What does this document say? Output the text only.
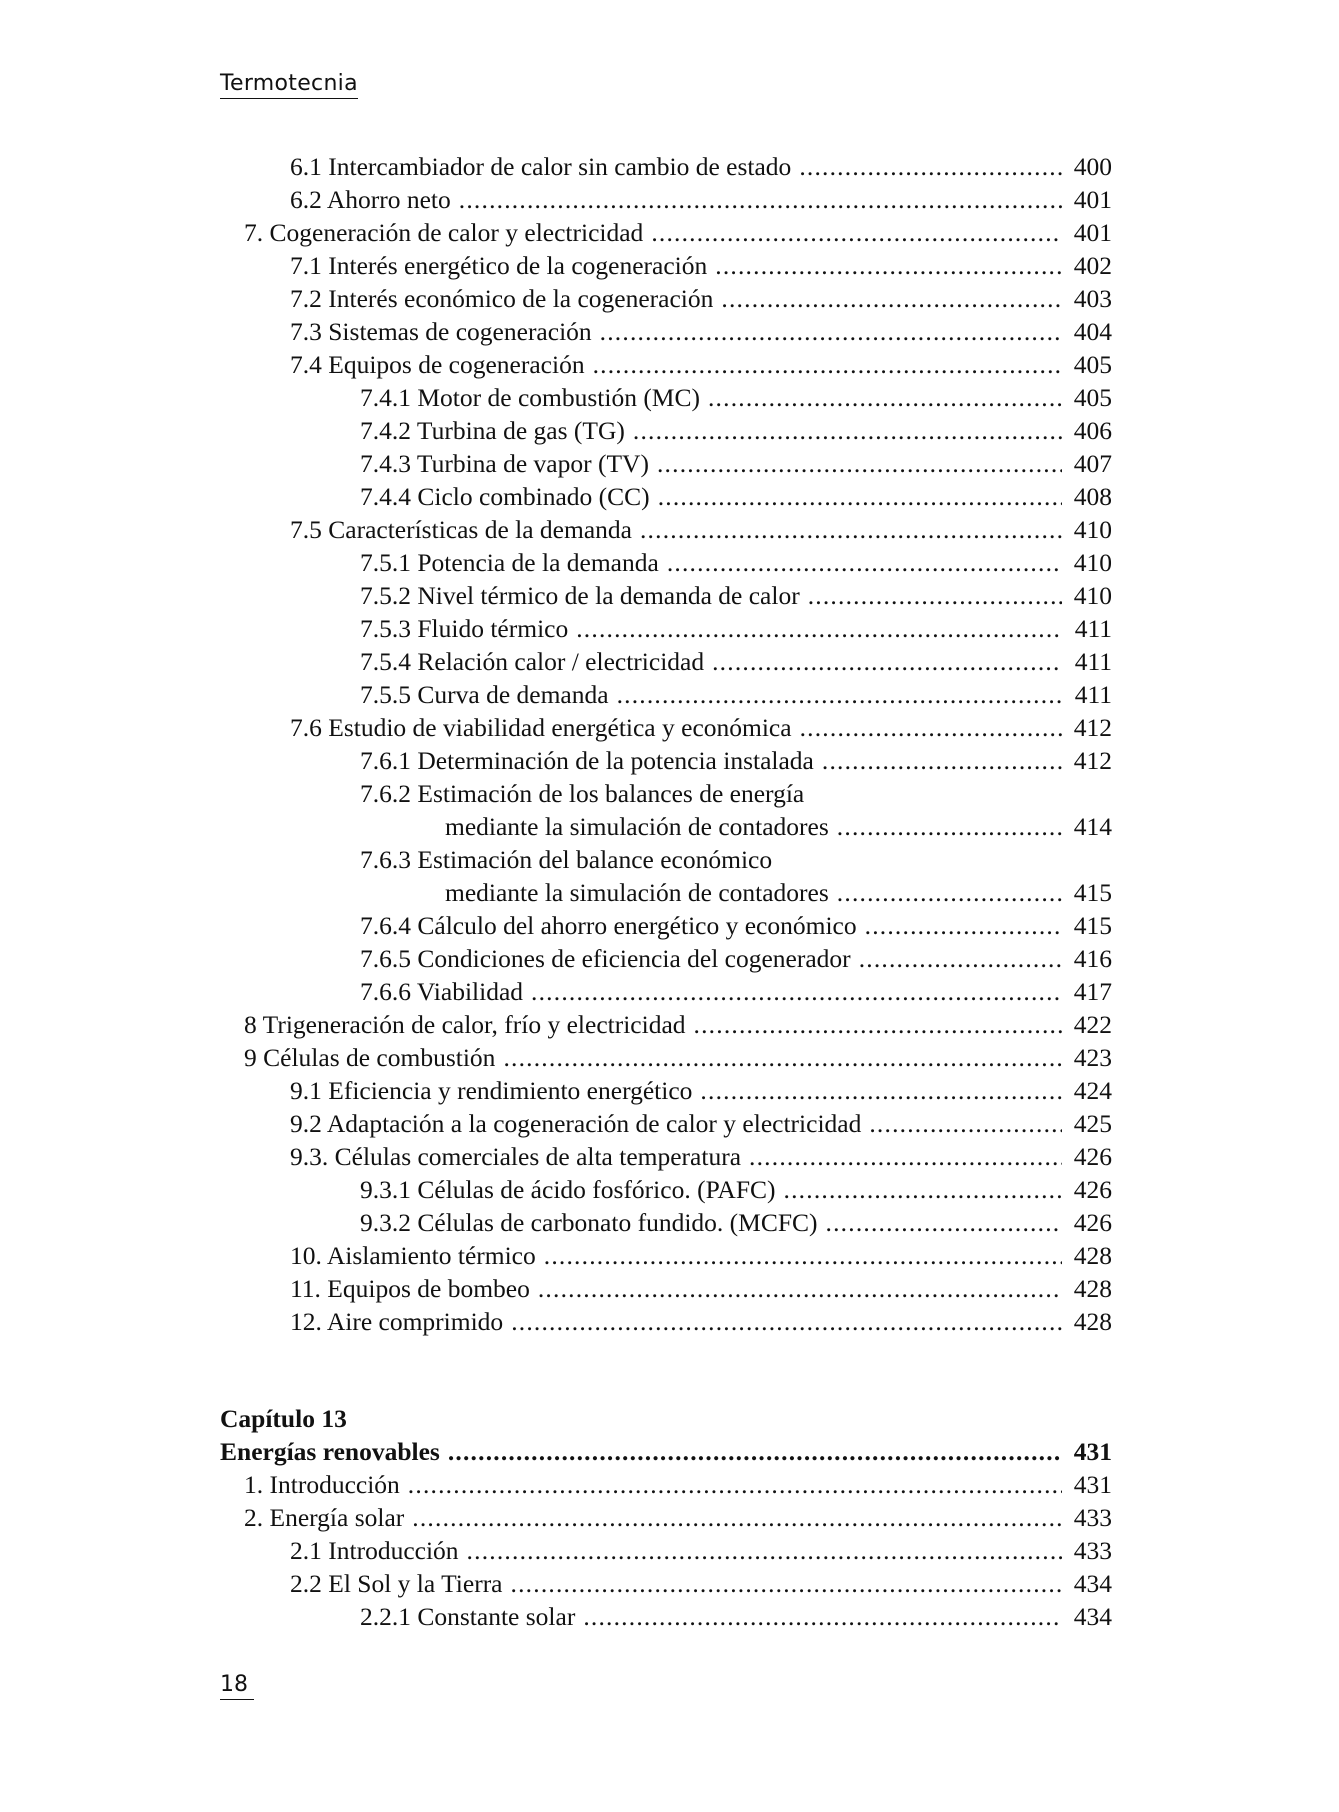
Termotecnia
6.1 Intercambiador de calor sin cambio de estado .....	400
6.2 Ahorro neto .....	401
7. Cogeneración de calor y electricidad .....	401
7.1 Interés energético de la cogeneración .....	402
7.2 Interés económico de la cogeneración .....	403
7.3 Sistemas de cogeneración .....	404
7.4 Equipos de cogeneración .....	405
7.4.1 Motor de combustión (MC) .....	405
7.4.2 Turbina de gas (TG) .....	406
7.4.3 Turbina de vapor (TV) .....	407
7.4.4 Ciclo combinado (CC) .....	408
7.5 Características de la demanda .....	410
7.5.1 Potencia de la demanda .....	410
7.5.2 Nivel térmico de la demanda de calor .....	410
7.5.3 Fluido térmico .....	411
7.5.4 Relación calor / electricidad .....	411
7.5.5 Curva de demanda .....	411
7.6 Estudio de viabilidad energética y económica .....	412
7.6.1 Determinación de la potencia instalada .....	412
7.6.2 Estimación de los balances de energía
mediante la simulación de contadores .....	414
7.6.3 Estimación del balance económico
mediante la simulación de contadores .....	415
7.6.4 Cálculo del ahorro energético y económico .....	415
7.6.5 Condiciones de eficiencia del cogenerador .....	416
7.6.6 Viabilidad .....	417
8 Trigeneración de calor, frío y electricidad .....	422
9 Células de combustión .....	423
9.1 Eficiencia y rendimiento energético .....	424
9.2 Adaptación a la cogeneración de calor y electricidad .....	425
9.3. Células comerciales de alta temperatura .....	426
9.3.1 Células de ácido fosfórico. (PAFC) .....	426
9.3.2 Células de carbonato fundido. (MCFC) .....	426
10. Aislamiento térmico .....	428
11. Equipos de bombeo .....	428
12. Aire comprimido .....	428
Energías renovables .....	431
1. Introducción .....	431
2. Energía solar .....	433
2.1 Introducción .....	433
2.2 El Sol y la Tierra .....	434
2.2.1 Constante solar .....	434
Capítulo 13
18
